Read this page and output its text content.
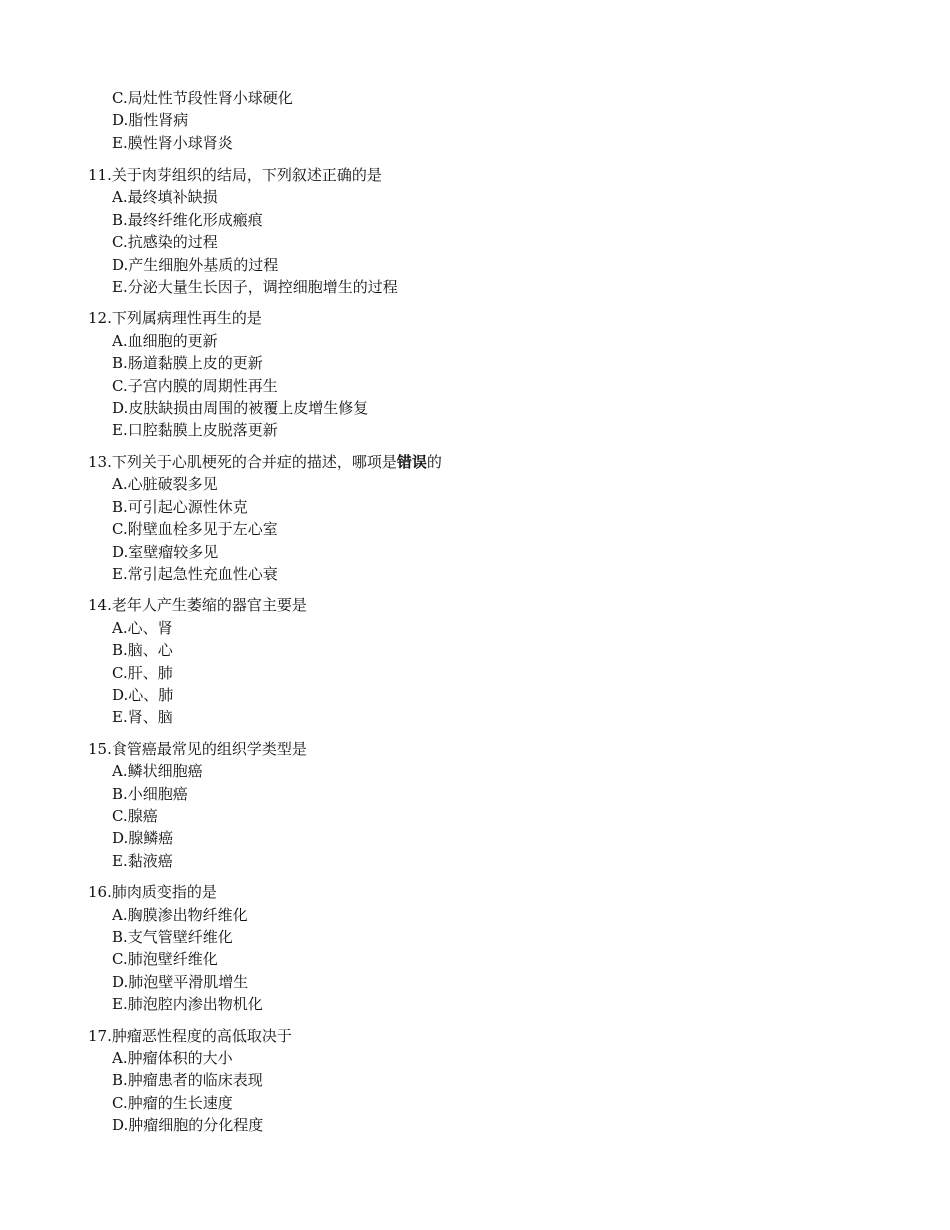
C.局灶性节段性肾小球硬化
D.脂性肾病
E.膜性肾小球肾炎
11.关于肉芽组织的结局，下列叙述正确的是
A.最终填补缺损
B.最终纤维化形成瘢痕
C.抗感染的过程
D.产生细胞外基质的过程
E.分泌大量生长因子，调控细胞增生的过程
12.下列属病理性再生的是
A.血细胞的更新
B.肠道黏膜上皮的更新
C.子宫内膜的周期性再生
D.皮肤缺损由周围的被覆上皮增生修复
E.口腔黏膜上皮脱落更新
13.下列关于心肌梗死的合并症的描述，哪项是错误的
A.心脏破裂多见
B.可引起心源性休克
C.附壁血栓多见于左心室
D.室壁瘤较多见
E.常引起急性充血性心衰
14.老年人产生萎缩的器官主要是
A.心、肾
B.脑、心
C.肝、肺
D.心、肺
E.肾、脑
15.食管癌最常见的组织学类型是
A.鳞状细胞癌
B.小细胞癌
C.腺癌
D.腺鳞癌
E.黏液癌
16.肺肉质变指的是
A.胸膜渗出物纤维化
B.支气管壁纤维化
C.肺泡壁纤维化
D.肺泡壁平滑肌增生
E.肺泡腔内渗出物机化
17.肿瘤恶性程度的高低取决于
A.肿瘤体积的大小
B.肿瘤患者的临床表现
C.肿瘤的生长速度
D.肿瘤细胞的分化程度
